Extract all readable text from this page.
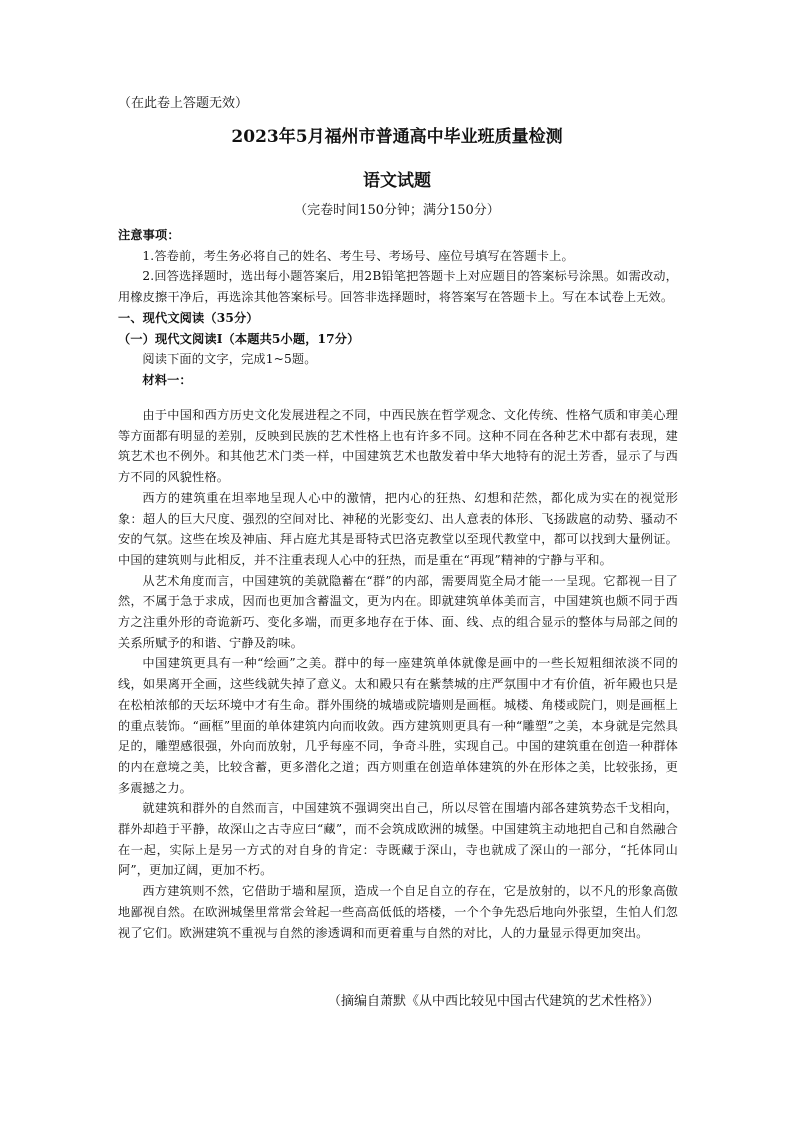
（在此卷上答题无效）
2023年5月福州市普通高中毕业班质量检测
语文试题
（完卷时间150分钟；满分150分）

注意事项：

1.答卷前，考生务必将自己的姓名、考生号、考场号、座位号填写在答题卡上。

2.回答选择题时，选出每小题答案后，用2B铅笔把答题卡上对应题目的答案标号涂黑。如需改动，用橡皮擦干净后，再选涂其他答案标号。回答非选择题时，将答案写在答题卡上。写在本试卷上无效。

一、现代文阅读（35分）

（一）现代文阅读Ⅰ（本题共5小题，17分）

阅读下面的文字，完成1~5题。

材料一：

由于中国和西方历史文化发展进程之不同，中西民族在哲学观念、文化传统、性格气质和审美心理等方面都有明显的差别，反映到民族的艺术性格上也有许多不同。这种不同在各种艺术中都有表现，建筑艺术也不例外。和其他艺术门类一样，中国建筑艺术也散发着中华大地特有的泥土芳香，显示了与西方不同的风貌性格。

西方的建筑重在坦率地呈现人心中的激情，把内心的狂热、幻想和茫然，都化成为实在的视觉形象：超人的巨大尺度、强烈的空间对比、神秘的光影变幻、出人意表的体形、飞扬跋扈的动势、骚动不安的气氛。这些在埃及神庙、拜占庭尤其是哥特式巴洛克教堂以至现代教堂中，都可以找到大量例证。中国的建筑则与此相反，并不注重表现人心中的狂热，而是重在“再现”精神的宁静与平和。

从艺术角度而言，中国建筑的美就隐蓄在“群”的内部，需要周览全局才能一一呈现。它都视一目了然，不属于急于求成，因而也更加含蓄温文，更为内在。即就建筑单体美而言，中国建筑也颇不同于西方之注重外形的奇诡新巧、变化多端，而更多地存在于体、面、线、点的组合显示的整体与局部之间的关系所赋予的和谐、宁静及韵味。

中国建筑更具有一种“绘画”之美。群中的每一座建筑单体就像是画中的一些长短粗细浓淡不同的线，如果离开全画，这些线就失掉了意义。太和殿只有在紫禁城的庄严氛围中才有价值，祈年殿也只是在松柏浓郁的天坛环境中才有生命。群外围绕的城墙或院墙则是画框。城楼、角楼或院门，则是画框上的重点装饰。“画框”里面的单体建筑内向而收敛。西方建筑则更具有一种“雕塑”之美，本身就是完然具足的，雕塑感很强，外向而放射，几乎每座不同，争奇斗胜，实现自己。中国的建筑重在创造一种群体的内在意境之美，比较含蓄，更多潜化之道；西方则重在创造单体建筑的外在形体之美，比较张扬，更多震撼之力。

就建筑和群外的自然而言，中国建筑不强调突出自己，所以尽管在围墙内部各建筑势态千戈相向，群外却趋于平静，故深山之古寺应曰“藏”，而不会筑成欧洲的城堡。中国建筑主动地把自己和自然融合在一起，实际上是另一方式的对自身的肯定：寺既藏于深山，寺也就成了深山的一部分，“托体同山阿”，更加辽阔，更加不朽。

西方建筑则不然，它借助于墙和屋顶，造成一个自足自立的存在，它是放射的，以不凡的形象高傲地鄙视自然。在欧洲城堡里常常会耸起一些高高低低的塔楼，一个个争先恐后地向外张望，生怕人们忽视了它们。欧洲建筑不重视与自然的渗透调和而更着重与自然的对比，人的力量显示得更加突出。

（摘编自萧默《从中西比较见中国古代建筑的艺术性格》）
